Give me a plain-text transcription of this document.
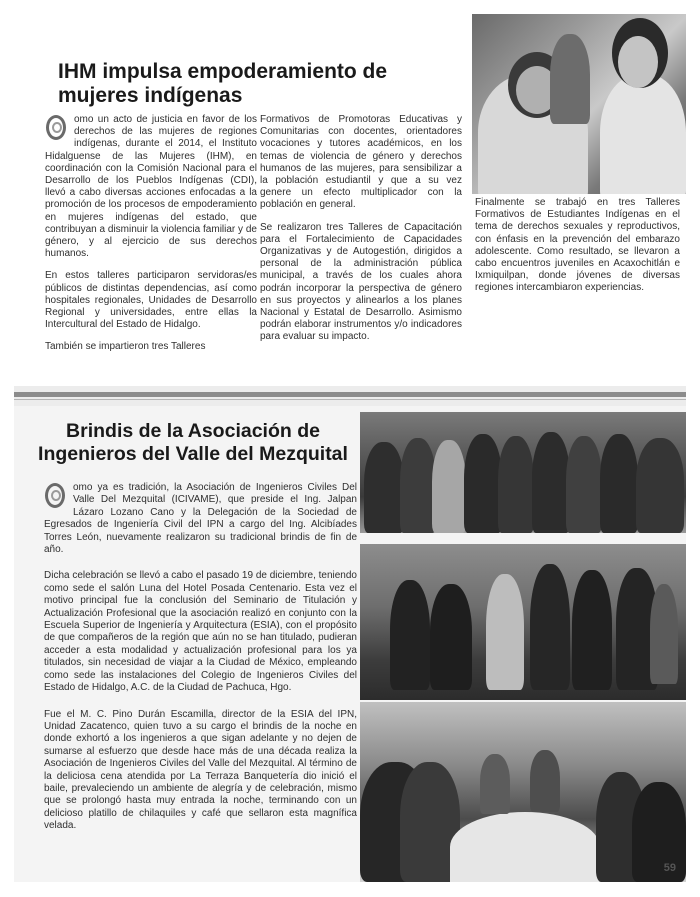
IHM impulsa empoderamiento de mujeres indígenas

omo un acto de justicia en favor de los derechos de las mujeres de regiones indígenas, durante el 2014, el Instituto Hidalguense de las Mujeres (IHM), en coordinación con la Comisión Nacional para el Desarrollo de los Pueblos Indígenas (CDI), llevó a cabo diversas acciones enfocadas a la promoción de los procesos de empoderamiento en mujeres indígenas del estado, que contribuyan a disminuir la violencia familiar y de género, y al ejercicio de sus derechos humanos.

En estos talleres participaron servidoras/es públicos de distintas dependencias, así como hospitales regionales, Unidades de Desarrollo Regional y universidades, entre ellas la Intercultural del Estado de Hidalgo.

También se impartieron tres Talleres

Formativos de Promotoras Educativas y Comunitarias con docentes, orientadores vocaciones y tutores académicos, en los temas de violencia de género y derechos humanos de las mujeres, para sensibilizar a la población estudiantil y que a su vez genere un efecto multiplicador con la población en general.

Se realizaron tres Talleres de Capacitación para el Fortalecimiento de Capacidades Organizativas y de Autogestión, dirigidos a personal de la administración pública municipal, a través de los cuales ahora podrán incorporar la perspectiva de género en sus proyectos y alinearlos a los planes Nacional y Estatal de Desarrollo. Asimismo podrán elaborar instrumentos y/o indicadores para evaluar su impacto.

Finalmente se trabajó en tres Talleres Formativos de Estudiantes Indígenas en el tema de derechos sexuales y reproductivos, con énfasis en la prevención del embarazo adolescente. Como resultado, se llevaron a cabo encuentros juveniles en Acaxochitlán e Ixmiquilpan, donde jóvenes de diversas regiones intercambiaron experiencias.

Brindis de la Asociación de Ingenieros del Valle del Mezquital

omo ya es tradición, la Asociación de Ingenieros Civiles Del Valle Del Mezquital (ICIVAME), que preside el Ing. Jalpan Lázaro Lozano Cano y la Delegación de la Sociedad de Egresados de Ingeniería Civil del IPN a cargo del Ing. Alcibíades Torres León, nuevamente realizaron su tradicional brindis de fin de año.

Dicha celebración se llevó a cabo el pasado 19 de diciembre, teniendo como sede el salón Luna del Hotel Posada Centenario. Esta vez el motivo principal fue la conclusión del Seminario de Titulación y Actualización Profesional que la asociación realizó en conjunto con la Escuela Superior de Ingeniería y Arquitectura (ESIA), con el propósito de que compañeros de la región que aún no se han titulado, pudieran acceder a esta modalidad y actualización profesional para los ya titulados, sin necesidad de viajar a la Ciudad de México, empleando como sede las instalaciones del Colegio de Ingenieros Civiles del Estado de Hidalgo, A.C. de la Ciudad de Pachuca, Hgo.

Fue el M. C. Pino Durán Escamilla, director de la ESIA del IPN, Unidad Zacatenco, quien tuvo a su cargo el brindis de la noche en donde exhortó a los ingenieros a que sigan adelante y no dejen de sumarse al esfuerzo que desde hace más de una década realiza la Asociación de Ingenieros Civiles del Valle del Mezquital. Al término de la deliciosa cena atendida por La Terraza Banquetería dio inició el baile, prevaleciendo un ambiente de alegría y de celebración, mismo que se prolongó hasta muy entrada la noche, terminando con un delicioso platillo de chilaquiles y café que sellaron esta magnífica velada.

59
